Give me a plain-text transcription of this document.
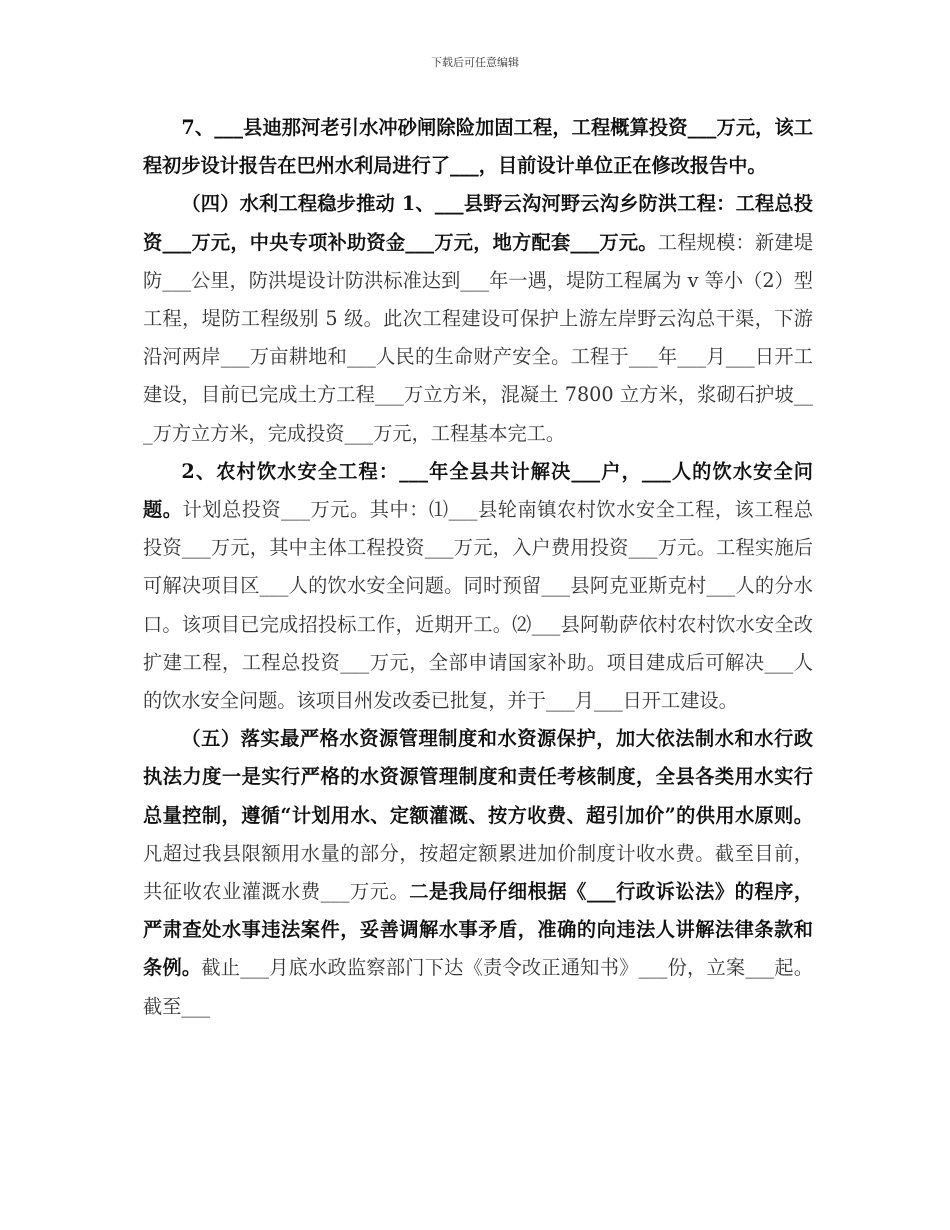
下载后可任意编辑

7、___县迪那河老引水冲砂闸除险加固工程，工程概算投资___万元，该工程初步设计报告在巴州水利局进行了___，目前设计单位正在修改报告中。

（四）水利工程稳步推动 1、___县野云沟河野云沟乡防洪工程：工程总投资___万元，中央专项补助资金___万元，地方配套___万元。工程规模：新建堤防___公里，防洪堤设计防洪标准达到___年一遇，堤防工程属为 v 等小（2）型工程，堤防工程级别 5 级。此次工程建设可保护上游左岸野云沟总干渠，下游沿河两岸___万亩耕地和___人民的生命财产安全。工程于___年___月___日开工建设，目前已完成土方工程___万立方米，混凝土 7800 立方米，浆砌石护坡___万方立方米，完成投资___万元，工程基本完工。

2、农村饮水安全工程：___年全县共计解决___户，___人的饮水安全问题。计划总投资___万元。其中：⑴___县轮南镇农村饮水安全工程，该工程总投资___万元，其中主体工程投资___万元，入户费用投资___万元。工程实施后可解决项目区___人的饮水安全问题。同时预留___县阿克亚斯克村___人的分水口。该项目已完成招投标工作，近期开工。⑵___县阿勒萨依村农村饮水安全改扩建工程，工程总投资___万元，全部申请国家补助。项目建成后可解决___人的饮水安全问题。该项目州发改委已批复，并于___月___日开工建设。

（五）落实最严格水资源管理制度和水资源保护，加大依法制水和水行政执法力度一是实行严格的水资源管理制度和责任考核制度，全县各类用水实行总量控制，遵循“计划用水、定额灌溉、按方收费、超引加价”的供用水原则。凡超过我县限额用水量的部分，按超定额累进加价制度计收水费。截至目前，共征收农业灌溉水费___万元。二是我局仔细根据《___行政诉讼法》的程序，严肃查处水事违法案件，妥善调解水事矛盾，准确的向违法人讲解法律条款和条例。截止___月底水政监察部门下达《责令改正通知书》___份，立案___起。截至___
